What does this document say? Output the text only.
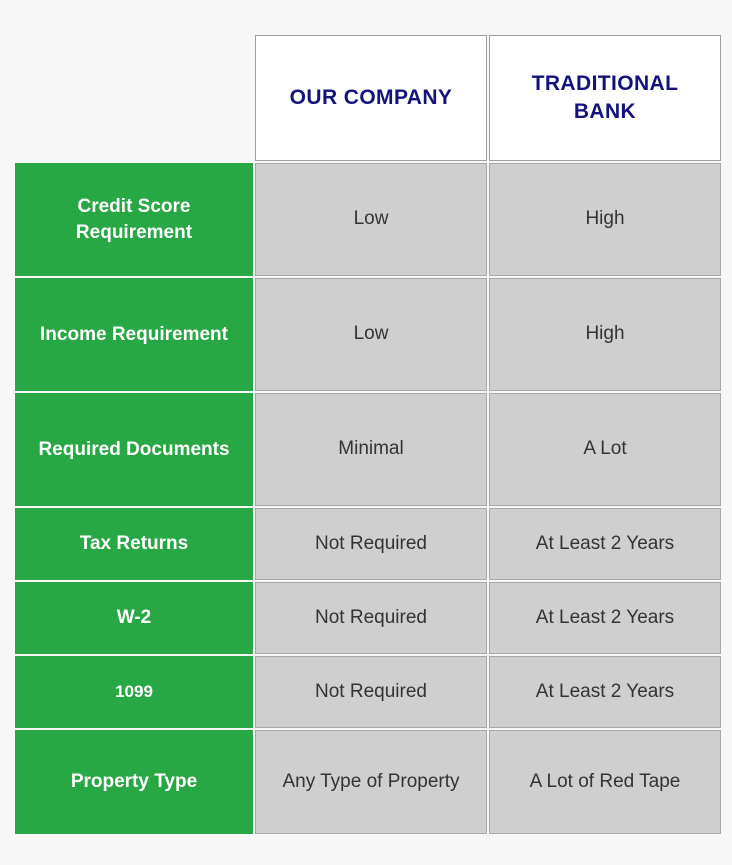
	OUR COMPANY	TRADITIONAL BANK
Credit Score Requirement	Low	High
Income Requirement	Low	High
Required Documents	Minimal	A Lot
Tax Returns	Not Required	At Least 2 Years
W-2	Not Required	At Least 2 Years
1099	Not Required	At Least 2 Years
Property Type	Any Type of Property	A Lot of Red Tape
